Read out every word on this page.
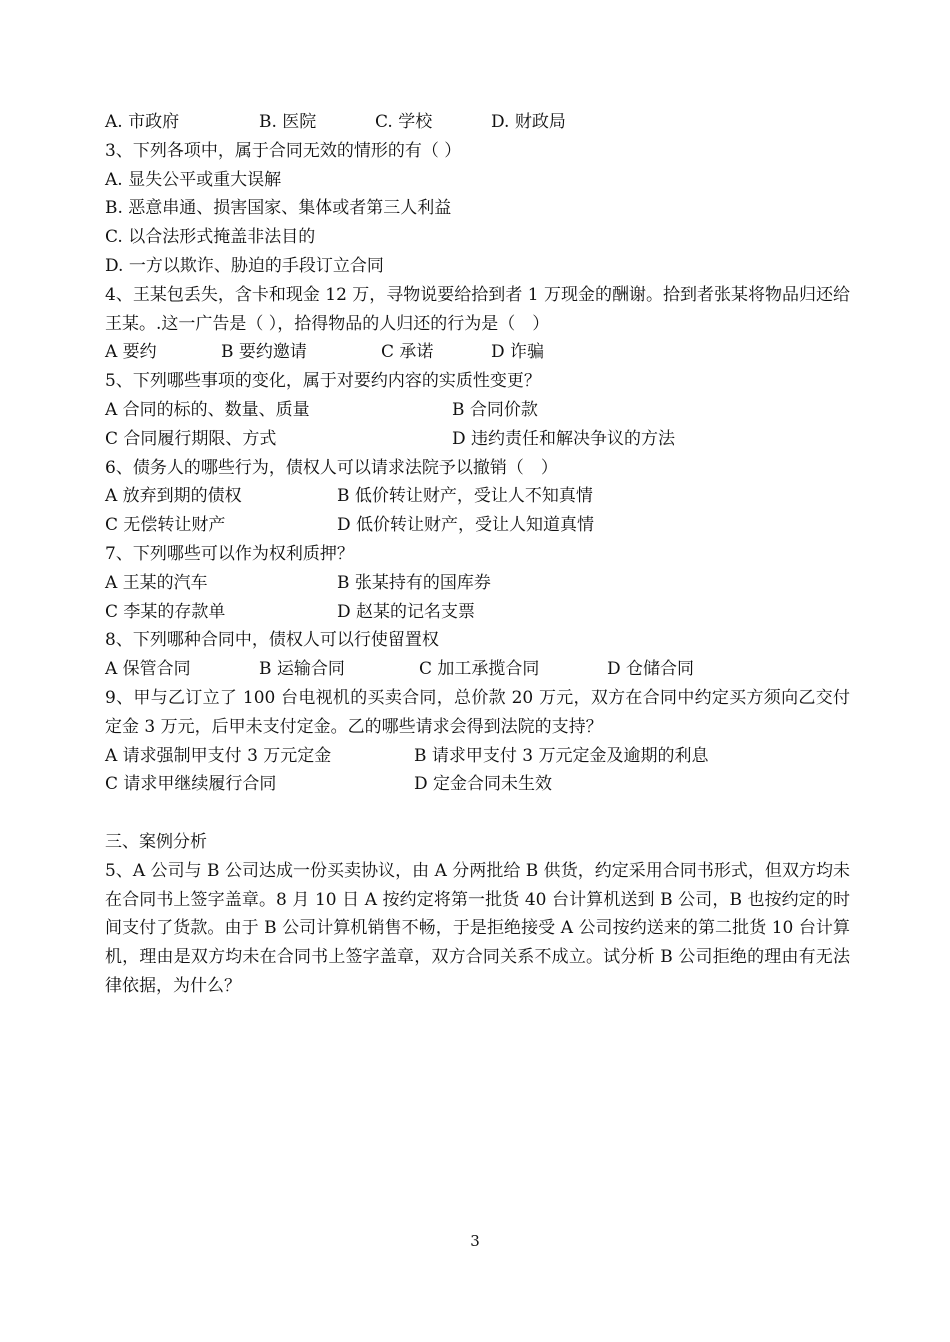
A. 市政府	B. 医院	C. 学校	D. 财政局
3、下列各项中，属于合同无效的情形的有（ ）
A. 显失公平或重大误解
B. 恶意串通、损害国家、集体或者第三人利益
C. 以合法形式掩盖非法目的
D. 一方以欺诈、胁迫的手段订立合同
4、王某包丢失，含卡和现金 12 万，寻物说要给拾到者 1 万现金的酬谢。拾到者张某将物品归还给王某。.这一广告是（ ），拾得物品的人归还的行为是（　）
A 要约	B 要约邀请	C 承诺	D 诈骗
5、下列哪些事项的变化，属于对要约内容的实质性变更？
A 合同的标的、数量、质量	B 合同价款
C 合同履行期限、方式	D 违约责任和解决争议的方法
6、债务人的哪些行为，债权人可以请求法院予以撤销（　）
A 放弃到期的债权	B 低价转让财产，受让人不知真情
C 无偿转让财产	D 低价转让财产，受让人知道真情
7、下列哪些可以作为权利质押？
A 王某的汽车	B 张某持有的国库券
C 李某的存款单	D 赵某的记名支票
8、下列哪种合同中，债权人可以行使留置权
A 保管合同	B 运输合同	C 加工承揽合同	D 仓储合同
9、甲与乙订立了 100 台电视机的买卖合同，总价款 20 万元，双方在合同中约定买方须向乙交付定金 3 万元，后甲未支付定金。乙的哪些请求会得到法院的支持？
A 请求强制甲支付 3 万元定金	B 请求甲支付 3 万元定金及逾期的利息
C 请求甲继续履行合同	D 定金合同未生效
三、案例分析
5、A 公司与 B 公司达成一份买卖协议，由 A 分两批给 B 供货，约定采用合同书形式，但双方均未在合同书上签字盖章。8 月 10 日 A 按约定将第一批货 40 台计算机送到 B 公司，B 也按约定的时间支付了货款。由于 B 公司计算机销售不畅，于是拒绝接受 A 公司按约送来的第二批货 10 台计算机，理由是双方均未在合同书上签字盖章，双方合同关系不成立。试分析 B 公司拒绝的理由有无法律依据，为什么？
3
